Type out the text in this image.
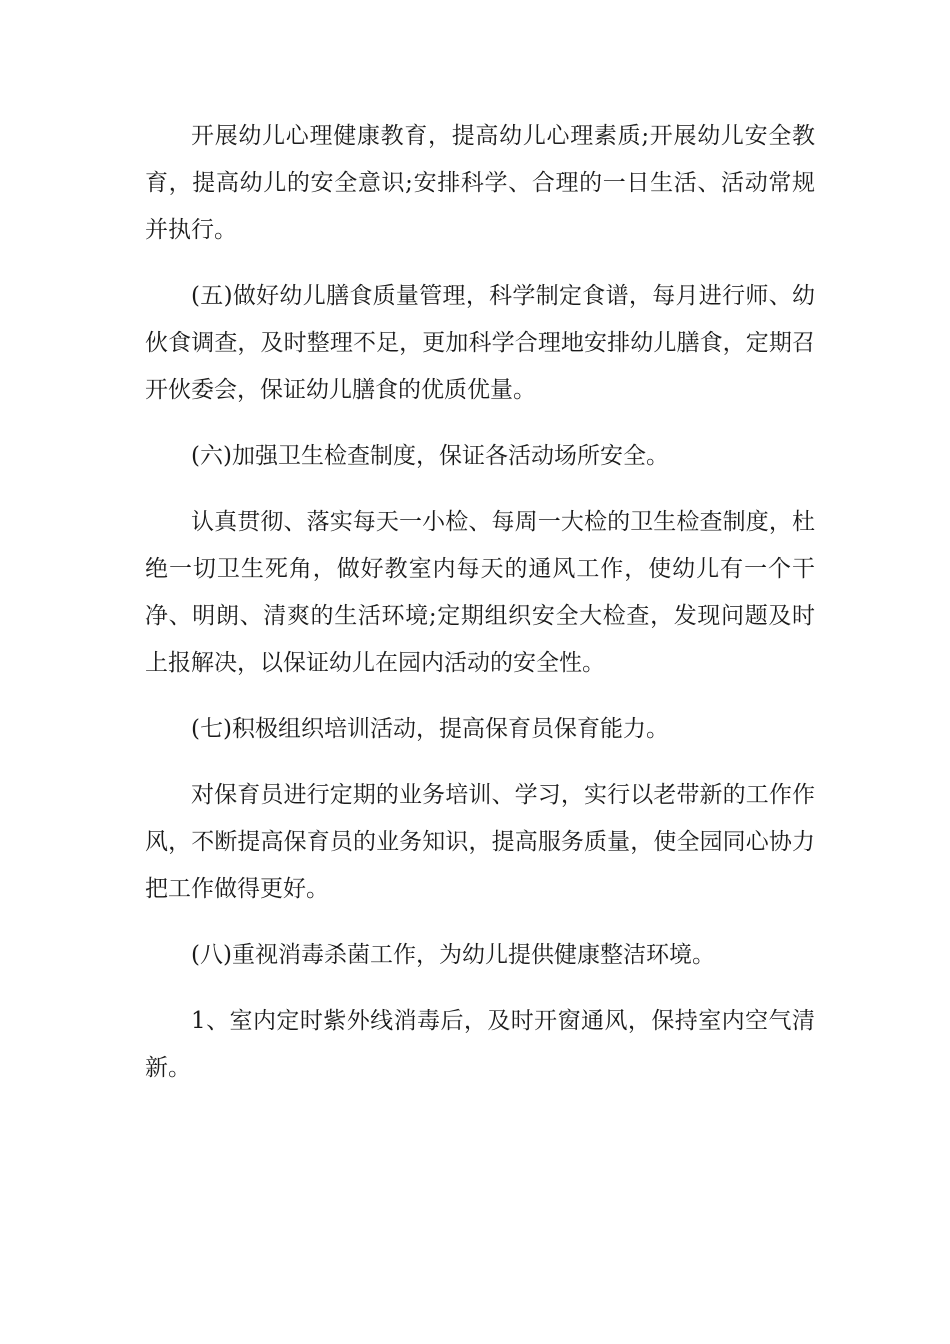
开展幼儿心理健康教育，提高幼儿心理素质;开展幼儿安全教育，提高幼儿的安全意识;安排科学、合理的一日生活、活动常规并执行。

(五)做好幼儿膳食质量管理，科学制定食谱，每月进行师、幼伙食调查，及时整理不足，更加科学合理地安排幼儿膳食，定期召开伙委会，保证幼儿膳食的优质优量。

(六)加强卫生检查制度，保证各活动场所安全。

认真贯彻、落实每天一小检、每周一大检的卫生检查制度，杜绝一切卫生死角，做好教室内每天的通风工作，使幼儿有一个干净、明朗、清爽的生活环境;定期组织安全大检查，发现问题及时上报解决，以保证幼儿在园内活动的安全性。

(七)积极组织培训活动，提高保育员保育能力。

对保育员进行定期的业务培训、学习，实行以老带新的工作作风，不断提高保育员的业务知识，提高服务质量，使全园同心协力把工作做得更好。

(八)重视消毒杀菌工作，为幼儿提供健康整洁环境。

1、室内定时紫外线消毒后，及时开窗通风，保持室内空气清新。
